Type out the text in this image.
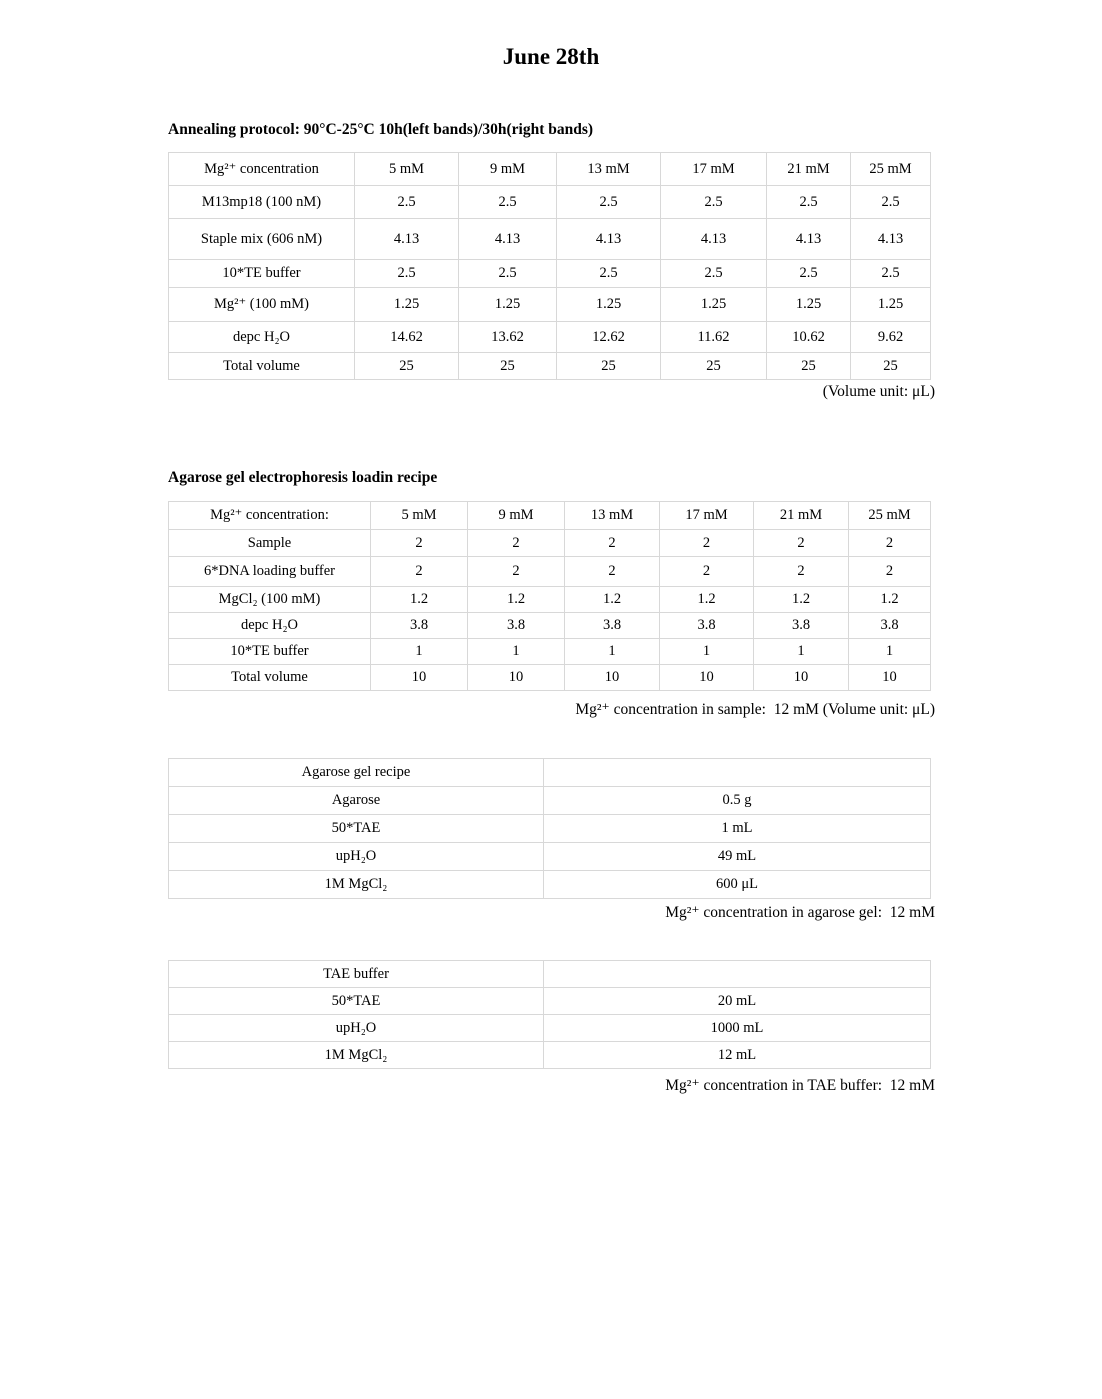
June 28th
Annealing protocol: 90°C-25°C 10h(left bands)/30h(right bands)
Mg²⁺ concentration	5 mM	9 mM	13 mM	17 mM	21 mM	25 mM
M13mp18 (100 nM)	2.5	2.5	2.5	2.5	2.5	2.5
Staple mix (606 nM)	4.13	4.13	4.13	4.13	4.13	4.13
10*TE buffer	2.5	2.5	2.5	2.5	2.5	2.5
Mg²⁺ (100 mM)	1.25	1.25	1.25	1.25	1.25	1.25
depc H₂O	14.62	13.62	12.62	11.62	10.62	9.62
Total volume	25	25	25	25	25	25
(Volume unit: μL)
Agarose gel electrophoresis loadin recipe
Mg²⁺ concentration:	5 mM	9 mM	13 mM	17 mM	21 mM	25 mM
Sample	2	2	2	2	2	2
6*DNA loading buffer	2	2	2	2	2	2
MgCl₂ (100 mM)	1.2	1.2	1.2	1.2	1.2	1.2
depc H₂O	3.8	3.8	3.8	3.8	3.8	3.8
10*TE buffer	1	1	1	1	1	1
Total volume	10	10	10	10	10	10
Mg²⁺ concentration in sample:  12 mM (Volume unit: μL)
Agarose gel recipe	
Agarose	0.5 g
50*TAE	1 mL
upH₂O	49 mL
1M MgCl₂	600 μL
Mg²⁺ concentration in agarose gel:  12 mM
TAE buffer	
50*TAE	20 mL
upH₂O	1000 mL
1M MgCl₂	12 mL
Mg²⁺ concentration in TAE buffer:  12 mM
